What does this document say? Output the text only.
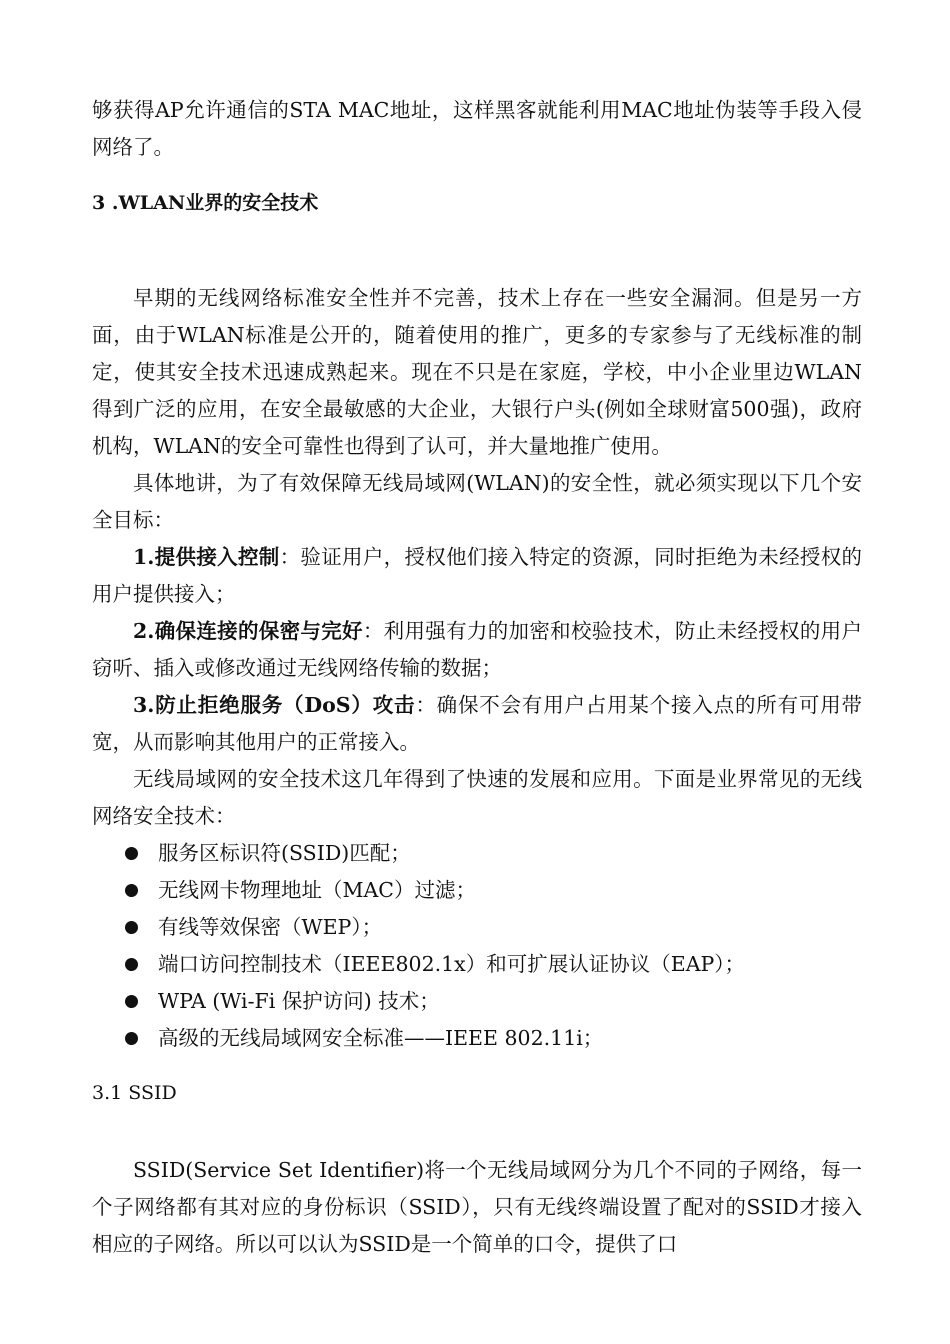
够获得AP允许通信的STA MAC地址，这样黑客就能利用MAC地址伪装等手段入侵网络了。

3 .WLAN业界的安全技术

早期的无线网络标准安全性并不完善，技术上存在一些安全漏洞。但是另一方面，由于WLAN标准是公开的，随着使用的推广，更多的专家参与了无线标准的制定，使其安全技术迅速成熟起来。现在不只是在家庭，学校，中小企业里边WLAN 得到广泛的应用，在安全最敏感的大企业，大银行户头(例如全球财富500强)，政府机构，WLAN的安全可靠性也得到了认可，并大量地推广使用。

具体地讲，为了有效保障无线局域网(WLAN)的安全性，就必须实现以下几个安全目标：

1.提供接入控制：验证用户，授权他们接入特定的资源，同时拒绝为未经授权的用户提供接入；

2.确保连接的保密与完好：利用强有力的加密和校验技术，防止未经授权的用户窃听、插入或修改通过无线网络传输的数据；

3.防止拒绝服务（DoS）攻击：确保不会有用户占用某个接入点的所有可用带宽，从而影响其他用户的正常接入。

无线局域网的安全技术这几年得到了快速的发展和应用。下面是业界常见的无线网络安全技术：

服务区标识符(SSID)匹配；
无线网卡物理地址（MAC）过滤；
有线等效保密（WEP）；
端口访问控制技术（IEEE802.1x）和可扩展认证协议（EAP）；
WPA (Wi-Fi 保护访问) 技术；
高级的无线局域网安全标准——IEEE 802.11i；

3.1 SSID

SSID(Service Set Identifier)将一个无线局域网分为几个不同的子网络，每一个子网络都有其对应的身份标识（SSID），只有无线终端设置了配对的SSID才接入相应的子网络。所以可以认为SSID是一个简单的口令，提供了口
